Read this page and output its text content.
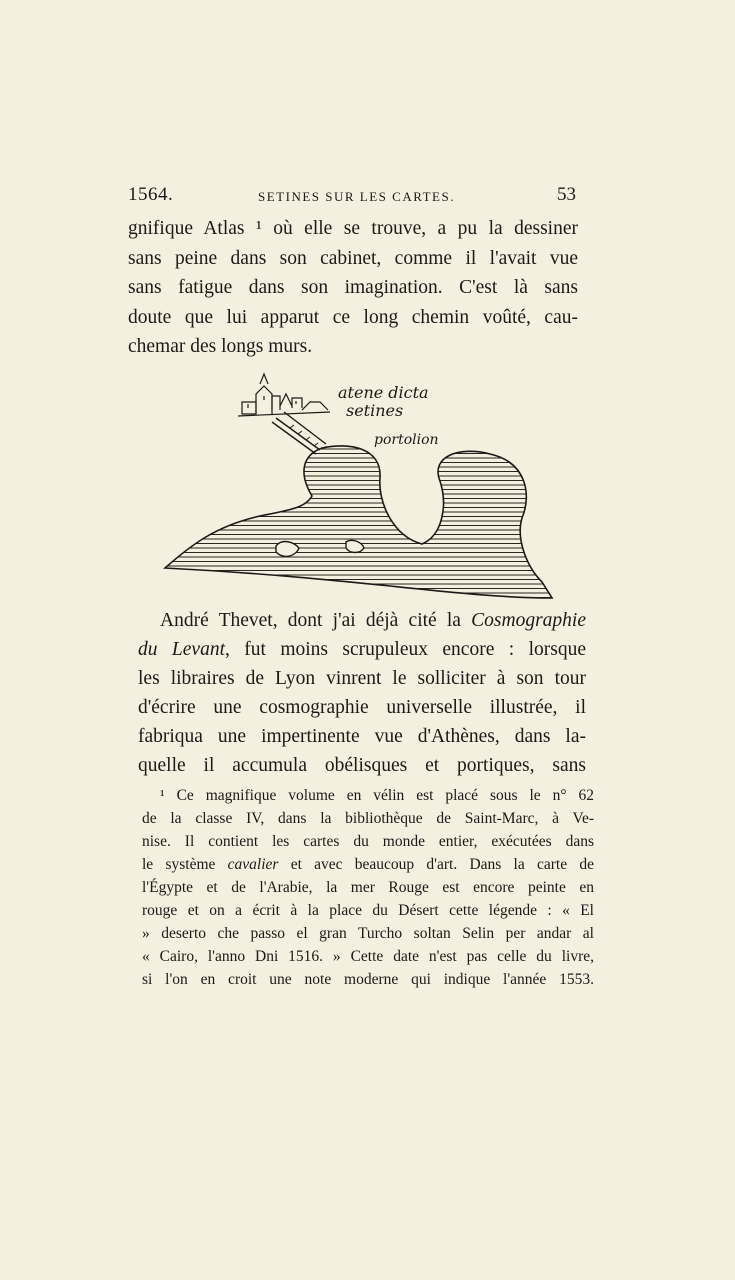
1564.	SETINES SUR LES CARTES.	53
gnifique Atlas ¹ où elle se trouve, a pu la dessiner
sans peine dans son cabinet, comme il l'avait vue
sans fatigue dans son imagination. C'est là sans
doute que lui apparut ce long chemin voûté, cau-
chemar des longs murs.
atene dicta
setines
portolion
André Thevet, dont j'ai déjà cité la Cosmographie
du Levant, fut moins scrupuleux encore : lorsque
les libraires de Lyon vinrent le solliciter à son tour
d'écrire une cosmographie universelle illustrée, il
fabriqua une impertinente vue d'Athènes, dans la-
quelle il accumula obélisques et portiques, sans
¹ Ce magnifique volume en vélin est placé sous le n° 62
de la classe IV, dans la bibliothèque de Saint-Marc, à Ve-
nise. Il contient les cartes du monde entier, exécutées dans
le système cavalier et avec beaucoup d'art. Dans la carte de
l'Égypte et de l'Arabie, la mer Rouge est encore peinte en
rouge et on a écrit à la place du Désert cette légende : « El
» deserto che passo el gran Turcho soltan Selin per andar al
« Cairo, l'anno Dni 1516. » Cette date n'est pas celle du livre,
si l'on en croit une note moderne qui indique l'année 1553.
